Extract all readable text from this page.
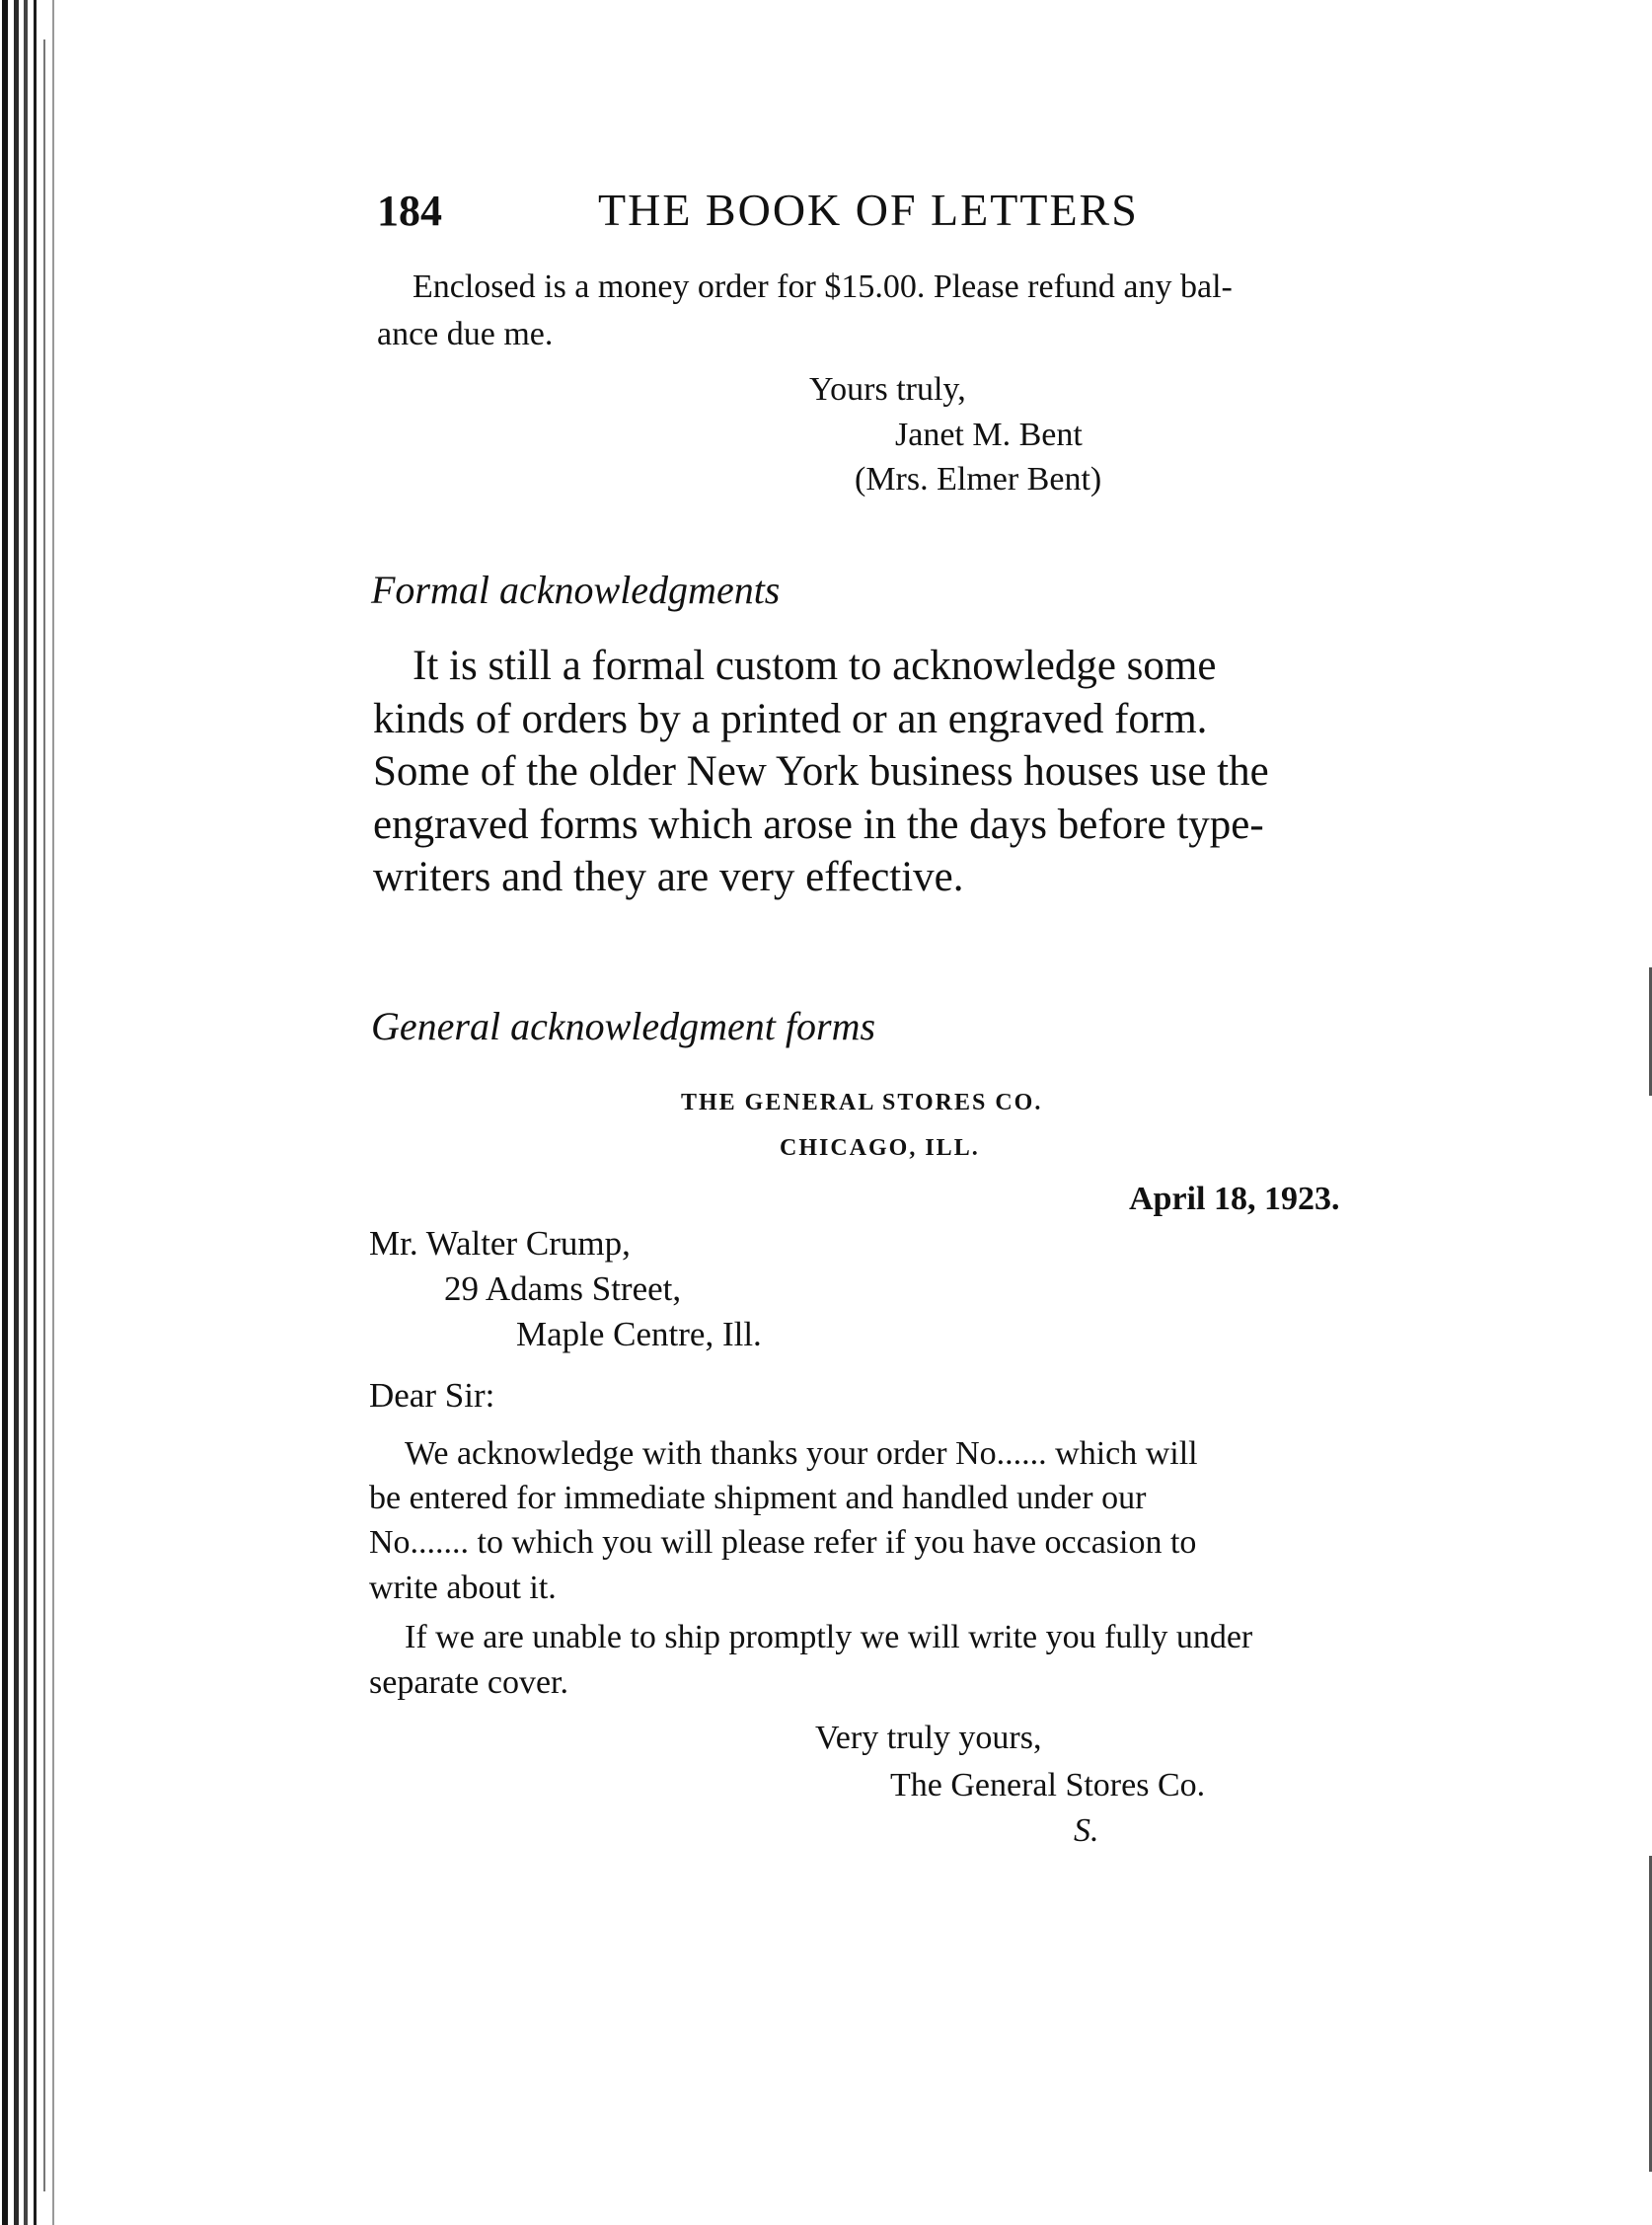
184	THE BOOK OF LETTERS

Enclosed is a money order for $15.00. Please refund any bal-

ance due me.

Yours truly,

Janet M. Bent

(Mrs. Elmer Bent)

Formal acknowledgments

It is still a formal custom to acknowledge some

kinds of orders by a printed or an engraved form.

Some of the older New York business houses use the

engraved forms which arose in the days before type-

writers and they are very effective.

General acknowledgment forms

THE GENERAL STORES CO.

CHICAGO, ILL.

April 18, 1923.

Mr. Walter Crump,

29 Adams Street,

Maple Centre, Ill.

Dear Sir:

We acknowledge with thanks your order No...... which will

be entered for immediate shipment and handled under our

No....... to which you will please refer if you have occasion to

write about it.

If we are unable to ship promptly we will write you fully under

separate cover.

Very truly yours,

The General Stores Co.

S.
